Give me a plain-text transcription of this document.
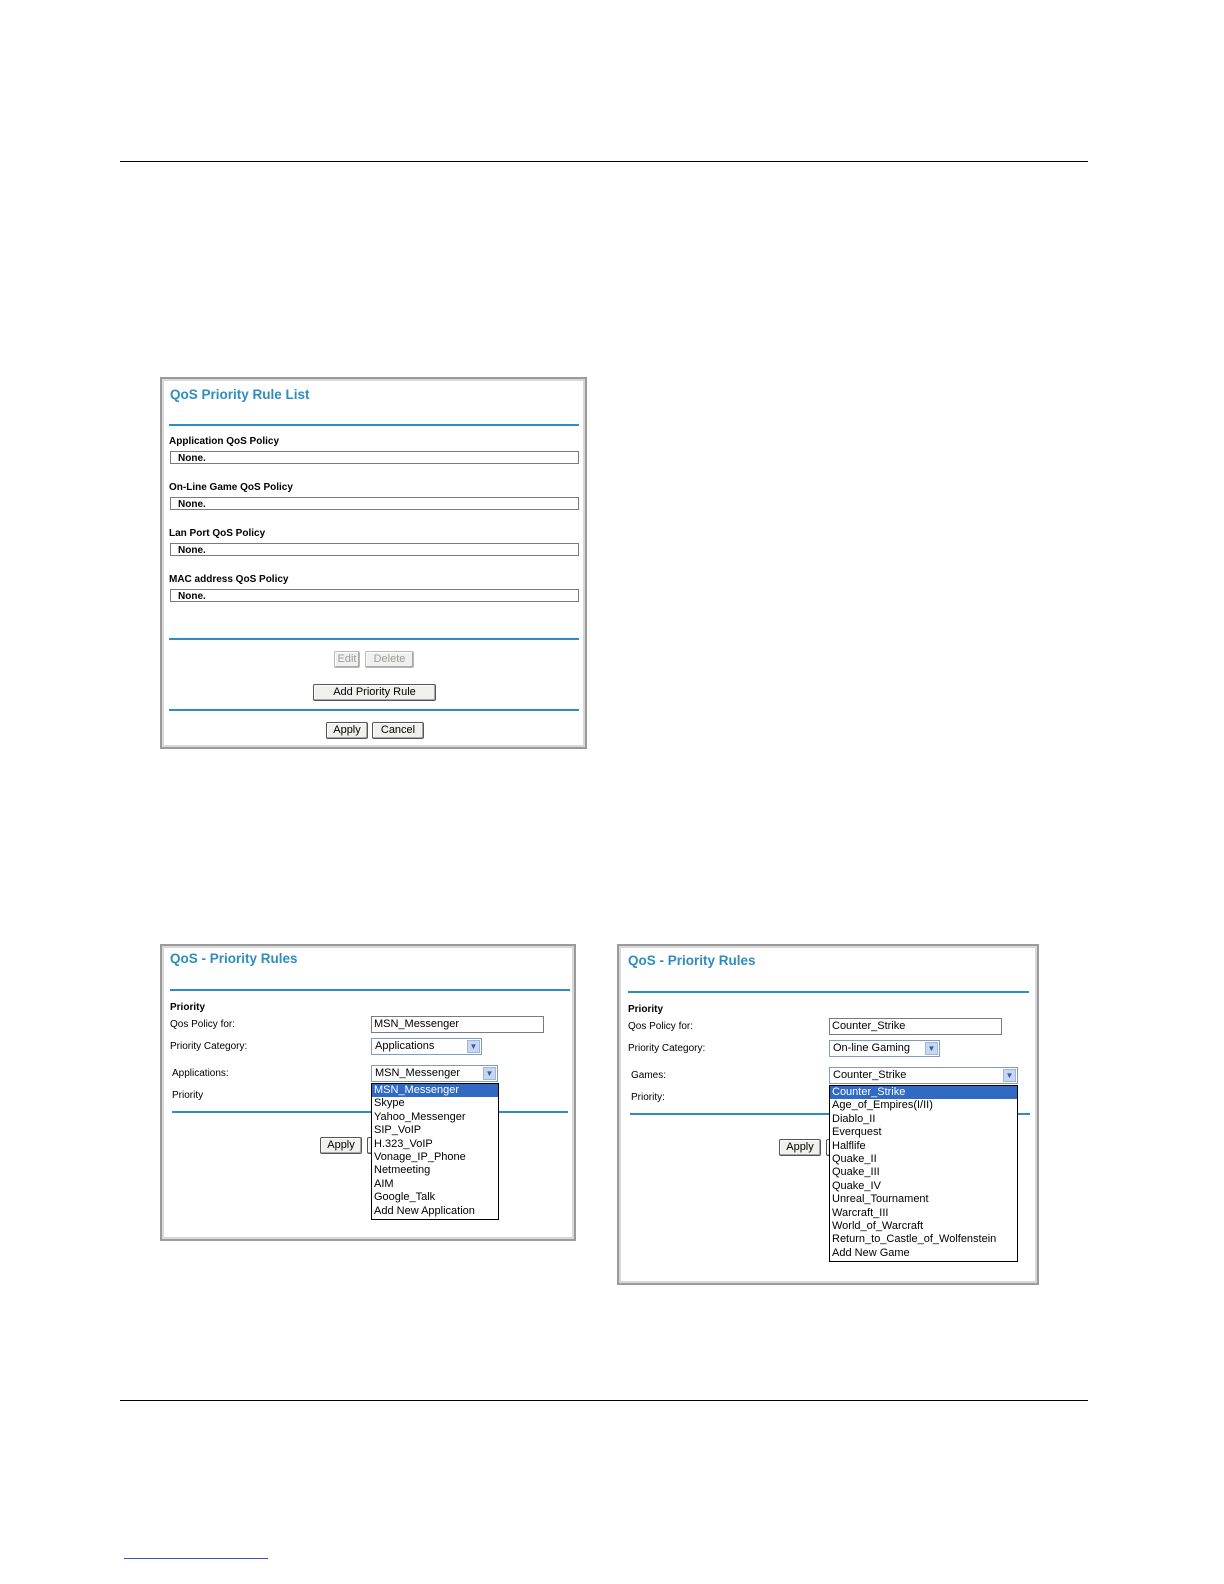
QoS Priority Rule List
Application QoS Policy
None.
On-Line Game QoS Policy
None.
Lan Port QoS Policy
None.
MAC address QoS Policy
None.
Edit	Delete
Add Priority Rule
Apply	Cancel
QoS - Priority Rules
Priority
Qos Policy for:	MSN_Messenger
Priority Category:	Applications	▼
Applications:	MSN_Messenger	▼
Priority
Apply
MSN_Messenger
Skype
Yahoo_Messenger
SIP_VoIP
H.323_VoIP
Vonage_IP_Phone
Netmeeting
AIM
Google_Talk
Add New Application
QoS - Priority Rules
Priority
Qos Policy for:	Counter_Strike
Priority Category:	On-line Gaming	▼
Games:	Counter_Strike	▼
Priority:
Apply
Counter_Strike
Age_of_Empires(I/II)
Diablo_II
Everquest
Halflife
Quake_II
Quake_III
Quake_IV
Unreal_Tournament
Warcraft_III
World_of_Warcraft
Return_to_Castle_of_Wolfenstein
Add New Game
